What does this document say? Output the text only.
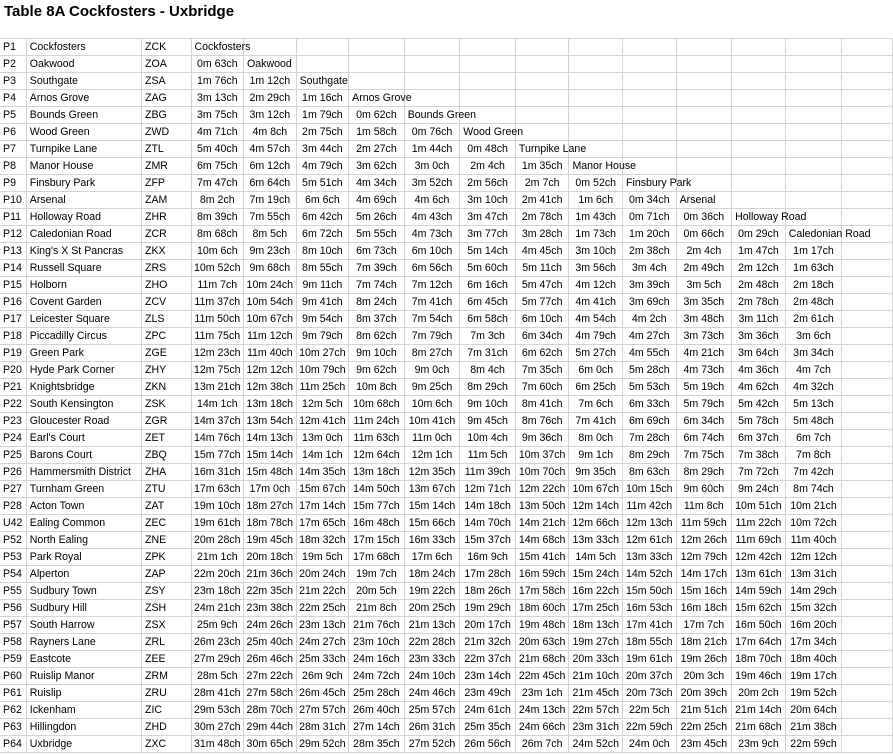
Table 8A Cockfosters - Uxbridge
P1	Cockfosters	ZCK	Cockfosters												
P2	Oakwood	ZOA	0m 63ch	Oakwood											
P3	Southgate	ZSA	1m 76ch	1m 12ch	Southgate										
P4	Arnos Grove	ZAG	3m 13ch	2m 29ch	1m 16ch	Arnos Grove									
P5	Bounds Green	ZBG	3m 75ch	3m 12ch	1m 79ch	0m 62ch	Bounds Green								
P6	Wood Green	ZWD	4m 71ch	4m 8ch	2m 75ch	1m 58ch	0m 76ch	Wood Green							
P7	Turnpike Lane	ZTL	5m 40ch	4m 57ch	3m 44ch	2m 27ch	1m 44ch	0m 48ch	Turnpike Lane						
P8	Manor House	ZMR	6m 75ch	6m 12ch	4m 79ch	3m 62ch	3m 0ch	2m 4ch	1m 35ch	Manor House					
P9	Finsbury Park	ZFP	7m 47ch	6m 64ch	5m 51ch	4m 34ch	3m 52ch	2m 56ch	2m 7ch	0m 52ch	Finsbury Park				
P10	Arsenal	ZAM	8m 2ch	7m 19ch	6m 6ch	4m 69ch	4m 6ch	3m 10ch	2m 41ch	1m 6ch	0m 34ch	Arsenal			
P11	Holloway Road	ZHR	8m 39ch	7m 55ch	6m 42ch	5m 26ch	4m 43ch	3m 47ch	2m 78ch	1m 43ch	0m 71ch	0m 36ch	Holloway Road		
P12	Caledonian Road	ZCR	8m 68ch	8m 5ch	6m 72ch	5m 55ch	4m 73ch	3m 77ch	3m 28ch	1m 73ch	1m 20ch	0m 66ch	0m 29ch	Caledonian Road	
P13	King's X St Pancras	ZKX	10m 6ch	9m 23ch	8m 10ch	6m 73ch	6m 10ch	5m 14ch	4m 45ch	3m 10ch	2m 38ch	2m 4ch	1m 47ch	1m 17ch	
P14	Russell Square	ZRS	10m 52ch	9m 68ch	8m 55ch	7m 39ch	6m 56ch	5m 60ch	5m 11ch	3m 56ch	3m 4ch	2m 49ch	2m 12ch	1m 63ch	
P15	Holborn	ZHO	11m 7ch	10m 24ch	9m 11ch	7m 74ch	7m 12ch	6m 16ch	5m 47ch	4m 12ch	3m 39ch	3m 5ch	2m 48ch	2m 18ch	
P16	Covent Garden	ZCV	11m 37ch	10m 54ch	9m 41ch	8m 24ch	7m 41ch	6m 45ch	5m 77ch	4m 41ch	3m 69ch	3m 35ch	2m 78ch	2m 48ch	
P17	Leicester Square	ZLS	11m 50ch	10m 67ch	9m 54ch	8m 37ch	7m 54ch	6m 58ch	6m 10ch	4m 54ch	4m 2ch	3m 48ch	3m 11ch	2m 61ch	
P18	Piccadilly Circus	ZPC	11m 75ch	11m 12ch	9m 79ch	8m 62ch	7m 79ch	7m 3ch	6m 34ch	4m 79ch	4m 27ch	3m 73ch	3m 36ch	3m 6ch	
P19	Green Park	ZGE	12m 23ch	11m 40ch	10m 27ch	9m 10ch	8m 27ch	7m 31ch	6m 62ch	5m 27ch	4m 55ch	4m 21ch	3m 64ch	3m 34ch	
P20	Hyde Park Corner	ZHY	12m 75ch	12m 12ch	10m 79ch	9m 62ch	9m 0ch	8m 4ch	7m 35ch	6m 0ch	5m 28ch	4m 73ch	4m 36ch	4m 7ch	
P21	Knightsbridge	ZKN	13m 21ch	12m 38ch	11m 25ch	10m 8ch	9m 25ch	8m 29ch	7m 60ch	6m 25ch	5m 53ch	5m 19ch	4m 62ch	4m 32ch	
P22	South Kensington	ZSK	14m 1ch	13m 18ch	12m 5ch	10m 68ch	10m 6ch	9m 10ch	8m 41ch	7m 6ch	6m 33ch	5m 79ch	5m 42ch	5m 13ch	
P23	Gloucester Road	ZGR	14m 37ch	13m 54ch	12m 41ch	11m 24ch	10m 41ch	9m 45ch	8m 76ch	7m 41ch	6m 69ch	6m 34ch	5m 78ch	5m 48ch	
P24	Earl's Court	ZET	14m 76ch	14m 13ch	13m 0ch	11m 63ch	11m 0ch	10m 4ch	9m 36ch	8m 0ch	7m 28ch	6m 74ch	6m 37ch	6m 7ch	
P25	Barons Court	ZBQ	15m 77ch	15m 14ch	14m 1ch	12m 64ch	12m 1ch	11m 5ch	10m 37ch	9m 1ch	8m 29ch	7m 75ch	7m 38ch	7m 8ch	
P26	Hammersmith District	ZHA	16m 31ch	15m 48ch	14m 35ch	13m 18ch	12m 35ch	11m 39ch	10m 70ch	9m 35ch	8m 63ch	8m 29ch	7m 72ch	7m 42ch	
P27	Turnham Green	ZTU	17m 63ch	17m 0ch	15m 67ch	14m 50ch	13m 67ch	12m 71ch	12m 22ch	10m 67ch	10m 15ch	9m 60ch	9m 24ch	8m 74ch	
P28	Acton Town	ZAT	19m 10ch	18m 27ch	17m 14ch	15m 77ch	15m 14ch	14m 18ch	13m 50ch	12m 14ch	11m 42ch	11m 8ch	10m 51ch	10m 21ch	
U42	Ealing Common	ZEC	19m 61ch	18m 78ch	17m 65ch	16m 48ch	15m 66ch	14m 70ch	14m 21ch	12m 66ch	12m 13ch	11m 59ch	11m 22ch	10m 72ch	
P52	North Ealing	ZNE	20m 28ch	19m 45ch	18m 32ch	17m 15ch	16m 33ch	15m 37ch	14m 68ch	13m 33ch	12m 61ch	12m 26ch	11m 69ch	11m 40ch	
P53	Park Royal	ZPK	21m 1ch	20m 18ch	19m 5ch	17m 68ch	17m 6ch	16m 9ch	15m 41ch	14m 5ch	13m 33ch	12m 79ch	12m 42ch	12m 12ch	
P54	Alperton	ZAP	22m 20ch	21m 36ch	20m 24ch	19m 7ch	18m 24ch	17m 28ch	16m 59ch	15m 24ch	14m 52ch	14m 17ch	13m 61ch	13m 31ch	
P55	Sudbury Town	ZSY	23m 18ch	22m 35ch	21m 22ch	20m 5ch	19m 22ch	18m 26ch	17m 58ch	16m 22ch	15m 50ch	15m 16ch	14m 59ch	14m 29ch	
P56	Sudbury Hill	ZSH	24m 21ch	23m 38ch	22m 25ch	21m 8ch	20m 25ch	19m 29ch	18m 60ch	17m 25ch	16m 53ch	16m 18ch	15m 62ch	15m 32ch	
P57	South Harrow	ZSX	25m 9ch	24m 26ch	23m 13ch	21m 76ch	21m 13ch	20m 17ch	19m 48ch	18m 13ch	17m 41ch	17m 7ch	16m 50ch	16m 20ch	
P58	Rayners Lane	ZRL	26m 23ch	25m 40ch	24m 27ch	23m 10ch	22m 28ch	21m 32ch	20m 63ch	19m 27ch	18m 55ch	18m 21ch	17m 64ch	17m 34ch	
P59	Eastcote	ZEE	27m 29ch	26m 46ch	25m 33ch	24m 16ch	23m 33ch	22m 37ch	21m 68ch	20m 33ch	19m 61ch	19m 26ch	18m 70ch	18m 40ch	
P60	Ruislip Manor	ZRM	28m 5ch	27m 22ch	26m 9ch	24m 72ch	24m 10ch	23m 14ch	22m 45ch	21m 10ch	20m 37ch	20m 3ch	19m 46ch	19m 17ch	
P61	Ruislip	ZRU	28m 41ch	27m 58ch	26m 45ch	25m 28ch	24m 46ch	23m 49ch	23m 1ch	21m 45ch	20m 73ch	20m 39ch	20m 2ch	19m 52ch	
P62	Ickenham	ZIC	29m 53ch	28m 70ch	27m 57ch	26m 40ch	25m 57ch	24m 61ch	24m 13ch	22m 57ch	22m 5ch	21m 51ch	21m 14ch	20m 64ch	
P63	Hillingdon	ZHD	30m 27ch	29m 44ch	28m 31ch	27m 14ch	26m 31ch	25m 35ch	24m 66ch	23m 31ch	22m 59ch	22m 25ch	21m 68ch	21m 38ch	
P64	Uxbridge	ZXC	31m 48ch	30m 65ch	29m 52ch	28m 35ch	27m 52ch	26m 56ch	26m 7ch	24m 52ch	24m 0ch	23m 45ch	23m 9ch	22m 59ch	
